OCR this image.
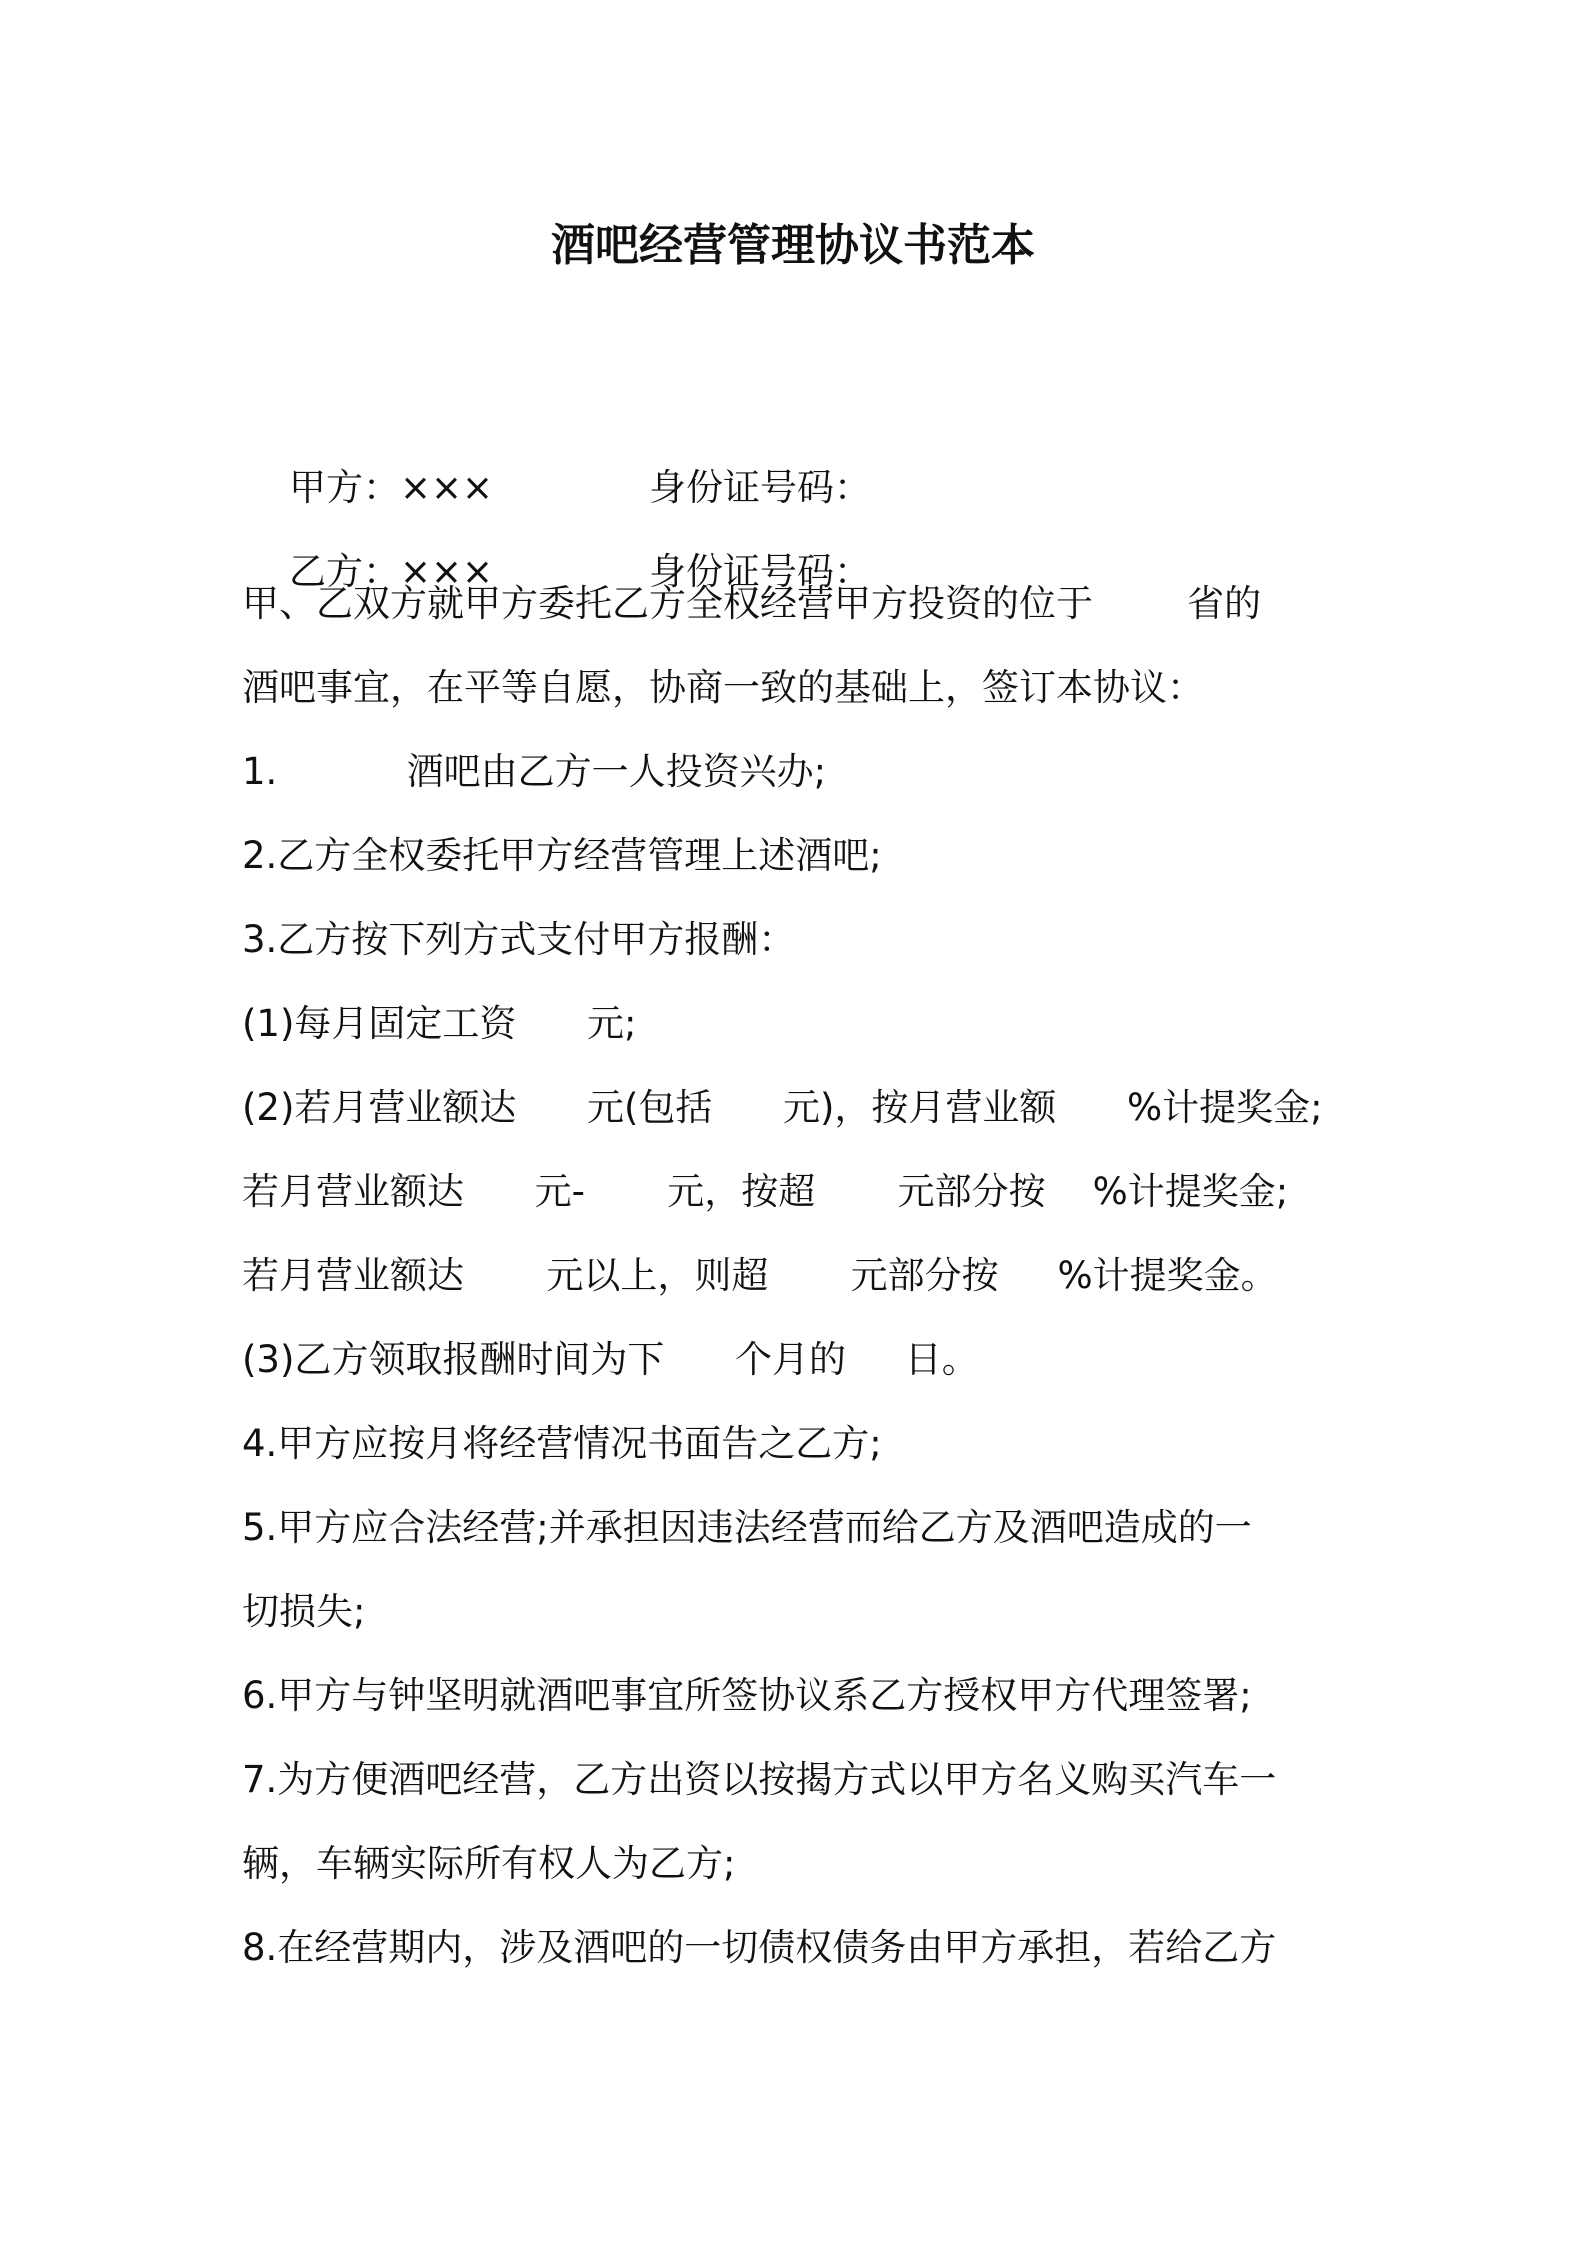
酒吧经营管理协议书范本

甲方：×××	身份证号码：

乙方：×××	身份证号码：

甲、乙双方就甲方委托乙方全权经营甲方投资的位于        省的
酒吧事宜，在平等自愿，协商一致的基础上，签订本协议：
1.           酒吧由乙方一人投资兴办;
2.乙方全权委托甲方经营管理上述酒吧;
3.乙方按下列方式支付甲方报酬：
(1)每月固定工资      元;
(2)若月营业额达      元(包括      元)，按月营业额      %计提奖金;
若月营业额达      元-       元，按超       元部分按    %计提奖金;
若月营业额达       元以上，则超       元部分按     %计提奖金。
(3)乙方领取报酬时间为下      个月的     日。
4.甲方应按月将经营情况书面告之乙方;
5.甲方应合法经营;并承担因违法经营而给乙方及酒吧造成的一
切损失;
6.甲方与钟坚明就酒吧事宜所签协议系乙方授权甲方代理签署;
7.为方便酒吧经营，乙方出资以按揭方式以甲方名义购买汽车一
辆，车辆实际所有权人为乙方;
8.在经营期内，涉及酒吧的一切债权债务由甲方承担，若给乙方
